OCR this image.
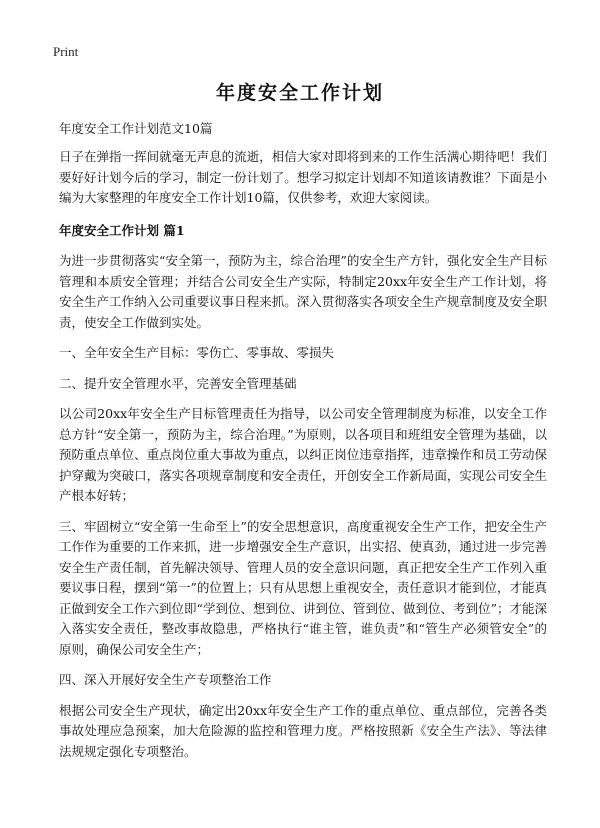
Print
年度安全工作计划
年度安全工作计划范文10篇

日子在弹指一挥间就毫无声息的流逝，相信大家对即将到来的工作生活满心期待吧！我们要好好计划今后的学习，制定一份计划了。想学习拟定计划却不知道该请教谁？下面是小编为大家整理的年度安全工作计划10篇，仅供参考，欢迎大家阅读。

年度安全工作计划 篇1

为进一步贯彻落实“安全第一，预防为主，综合治理”的安全生产方针，强化安全生产目标管理和本质安全管理；并结合公司安全生产实际，特制定20xx年安全生产工作计划，将安全生产工作纳入公司重要议事日程来抓。深入贯彻落实各项安全生产规章制度及安全职责，使安全工作做到实处。

一、全年安全生产目标：零伤亡、零事故、零损失

二、提升安全管理水平，完善安全管理基础

以公司20xx年安全生产目标管理责任为指导，以公司安全管理制度为标准，以安全工作总方针“安全第一，预防为主，综合治理。”为原则，以各项目和班组安全管理为基础，以预防重点单位、重点岗位重大事故为重点，以纠正岗位违章指挥，违章操作和员工劳动保护穿戴为突破口，落实各项规章制度和安全责任，开创安全工作新局面，实现公司安全生产根本好转；

三、牢固树立“安全第一生命至上”的安全思想意识，高度重视安全生产工作，把安全生产工作作为重要的工作来抓，进一步增强安全生产意识，出实招、使真劲，通过进一步完善安全生产责任制，首先解决领导、管理人员的安全意识问题，真正把安全生产工作列入重要议事日程，摆到“第一”的位置上；只有从思想上重视安全，责任意识才能到位，才能真正做到安全工作六到位即“学到位、想到位、讲到位、管到位、做到位、考到位”；才能深入落实安全责任，整改事故隐患，严格执行“谁主管，谁负责”和“管生产必须管安全”的原则，确保公司安全生产；

四、深入开展好安全生产专项整治工作

根据公司安全生产现状，确定出20xx年安全生产工作的重点单位、重点部位，完善各类事故处理应急预案，加大危险源的监控和管理力度。严格按照新《安全生产法》、等法律法规规定强化专项整治。
